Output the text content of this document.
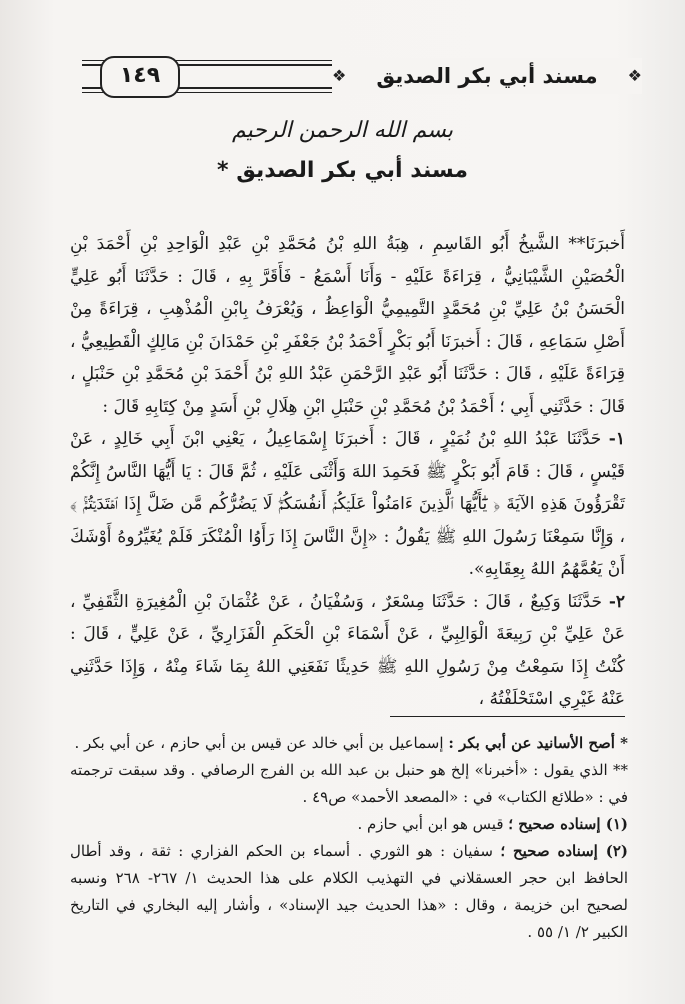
❖ مسند أبي بكر الصديق ❖
١٤٩
بسم الله الرحمن الرحيم
مسند أبي بكر الصديق *

أَخبرَنَا** الشَّيخُ أَبُو القَاسِمِ ، هِبَةُ اللهِ بْنُ مُحَمَّدِ بْنِ عَبْدِ الْوَاحِدِ بْنِ أَحْمَدَ بْنِ الْحُصَيْنِ الشَّيْبَانِيُّ ، قِرَاءَةً عَلَيْهِ - وَأَنَا أَسْمَعُ - فَأَقَرَّ بِهِ ، قَالَ : حَدَّثَنَا أَبُو عَلِيٍّ الْحَسَنُ بْنُ عَلِيِّ بْنِ مُحَمَّدٍ التَّمِيمِيُّ الْوَاعِظُ ، وَيُعْرَفُ بِابْنِ الْمُذْهِبِ ، قِرَاءَةً مِنْ أَصْلِ سَمَاعِهِ ، قَالَ : أَخبرَنَا أَبُو بَكْرٍ أَحْمَدُ بْنُ جَعْفَرِ بْنِ حَمْدَانَ بْنِ مَالِكٍ الْقَطِيعِيُّ ، قِرَاءَةً عَلَيْهِ ، قَالَ : حَدَّثَنَا أَبُو عَبْدِ الرَّحْمَنِ عَبْدُ اللهِ بْنُ أَحْمَدَ بْنِ مُحَمَّدِ بْنِ حَنْبَلٍ ، قَالَ : حَدَّثَنِي أَبِي ؛ أَحْمَدُ بْنُ مُحَمَّدِ بْنِ حَنْبَلِ ابْنِ هِلَالِ بْنِ أَسَدٍ مِنْ كِتَابِهِ قَالَ :

١- حَدَّثَنَا عَبْدُ اللهِ بْنُ نُمَيْرٍ ، قَالَ : أَخبرَنَا إِسْمَاعِيلُ ، يَعْنِي ابْنَ أَبِي خَالِدٍ ، عَنْ قَيْسٍ ، قَالَ : قَامَ أَبُو بَكْرٍ ﷺ فَحَمِدَ اللهَ وَأَثْنَى عَلَيْهِ ، ثُمَّ قَالَ : يَا أَيُّهَا النَّاسُ إِنَّكُمْ تَقْرَؤُونَ هَذِهِ الآيَةَ ﴿ يَٰٓأَيُّهَا ٱلَّذِينَ ءَامَنُواْ عَلَيۡكُمۡ أَنفُسَكُمۡۖ لَا يَضُرُّكُم مَّن ضَلَّ إِذَا ٱهۡتَدَيۡتُمۡۚ ﴾ ، وَإِنَّا سَمِعْنَا رَسُولَ اللهِ ﷺ يَقُولُ : «إِنَّ النَّاسَ إِذَا رَأَوُا الْمُنْكَرَ فَلَمْ يُغَيِّرُوهُ أَوْشَكَ أَنْ يَعُمَّهُمُ اللهُ بِعِقَابِهِ».

٢- حَدَّثَنَا وَكِيعٌ ، قَالَ : حَدَّثَنَا مِسْعَرٌ ، وَسُفْيَانُ ، عَنْ عُثْمَانَ بْنِ الْمُغِيرَةِ الثَّقَفِيِّ ، عَنْ عَلِيِّ بْنِ رَبِيعَةَ الْوَالِبِيِّ ، عَنْ أَسْمَاءَ بْنِ الْحَكَمِ الْفَزَارِيِّ ، عَنْ عَلِيٍّ ، قَالَ : كُنْتُ إِذَا سَمِعْتُ مِنْ رَسُولِ اللهِ ﷺ حَدِيثًا نَفَعَنِي اللهُ بِمَا شَاءَ مِنْهُ ، وَإِذَا حَدَّثَنِي عَنْهُ غَيْرِي اسْتَحْلَفْتُهُ ،

* أصح الأسانيد عن أبي بكر : إسماعيل بن أبي خالد عن قيس بن أبي حازم ، عن أبي بكر .

** الذي يقول : «أخبرنا» إلخ هو حنبل بن عبد الله بن الفرج الرصافي . وقد سبقت ترجمته في : «طلائع الكتاب» في : «المصعد الأحمد» ص٤٩ .

(١) إسناده صحيح ؛ قيس هو ابن أبي حازم .

(٢) إسناده صحيح ؛ سفيان : هو الثوري . أسماء بن الحكم الفزاري : ثقة ، وقد أطال الحافظ ابن حجر العسقلاني في التهذيب الكلام على هذا الحديث ١/ ٢٦٧- ٢٦٨ ونسبه لصحيح ابن خزيمة ، وقال : «هذا الحديث جيد الإسناد» ، وأشار إليه البخاري في التاريخ الكبير ٢/ ١/ ٥٥ .
